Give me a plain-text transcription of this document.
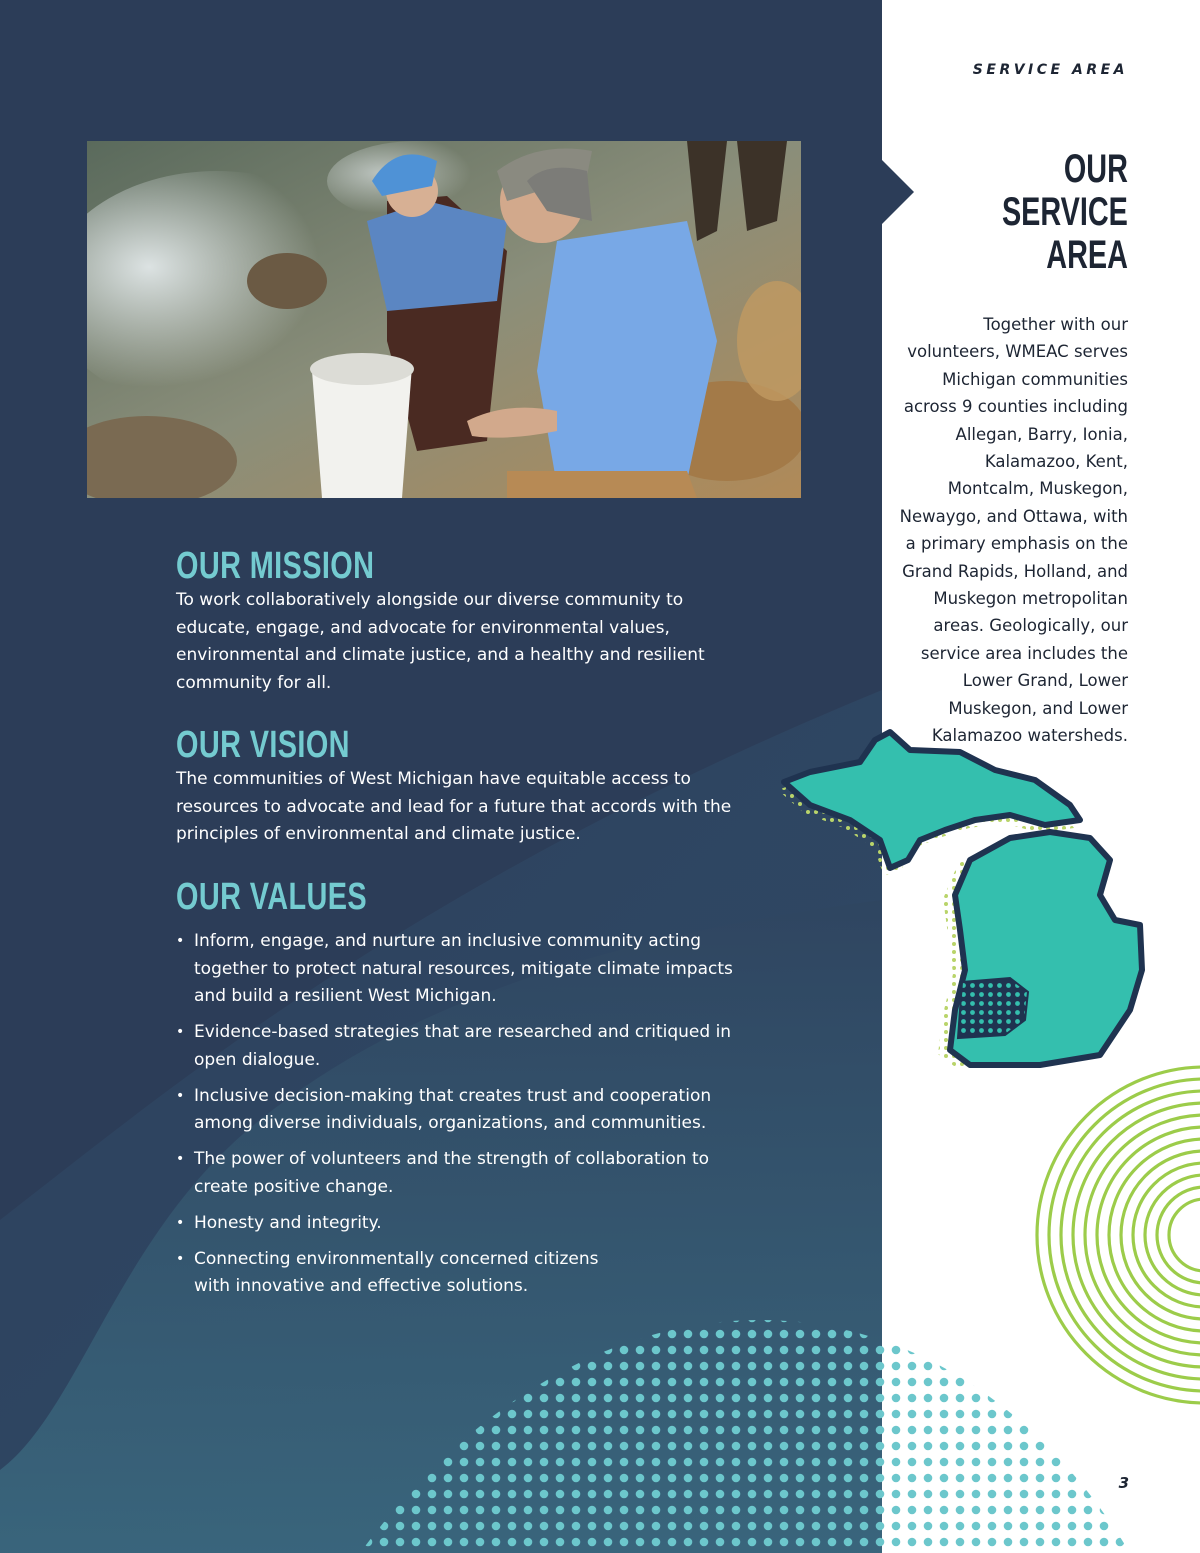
OUR MISSION

To work collaboratively alongside our diverse community to educate, engage, and advocate for environmental values, environmental and climate justice, and a healthy and resilient community for all.

OUR VISION

The communities of West Michigan have equitable access to resources to advocate and lead for a future that accords with the principles of environmental and climate justice.

OUR VALUES
• Inform, engage, and nurture an inclusive community acting together to protect natural resources, mitigate climate impacts and build a resilient West Michigan.
• Evidence-based strategies that are researched and critiqued in open dialogue.
• Inclusive decision-making that creates trust and cooperation among diverse individuals, organizations, and communities.
• The power of volunteers and the strength of collaboration to create positive change.
• Honesty and integrity.
• Connecting environmentally concerned citizens with innovative and effective solutions.

SERVICE AREA

OUR
SERVICE
AREA

Together with our volunteers, WMEAC serves Michigan communities across 9 counties including Allegan, Barry, Ionia, Kalamazoo, Kent, Montcalm, Muskegon, Newaygo, and Ottawa, with a primary emphasis on the Grand Rapids, Holland, and Muskegon metropolitan areas. Geologically, our service area includes the Lower Grand, Lower Muskegon, and Lower Kalamazoo watersheds.

3
